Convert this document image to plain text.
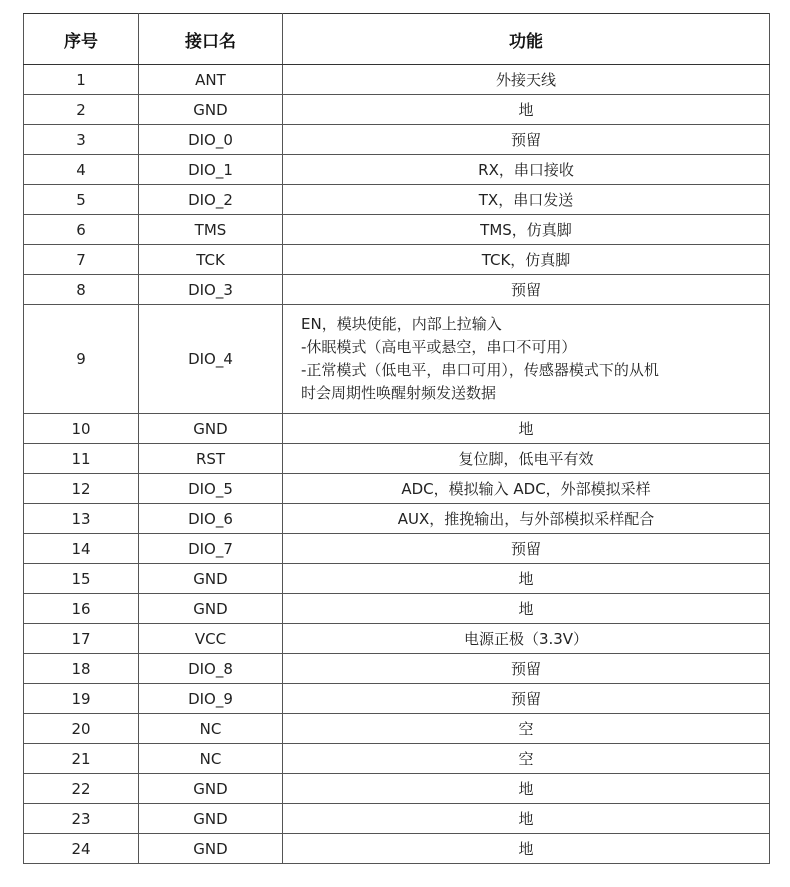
序号	接口名	功能
1	ANT	外接天线
2	GND	地
3	DIO_0	预留
4	DIO_1	RX，串口接收
5	DIO_2	TX，串口发送
6	TMS	TMS，仿真脚
7	TCK	TCK，仿真脚
8	DIO_3	预留
9	DIO_4	EN，模块使能，内部上拉输入
-休眠模式（高电平或悬空，串口不可用）
-正常模式（低电平，串口可用），传感器模式下的从机
时会周期性唤醒射频发送数据

10	GND	地
11	RST	复位脚，低电平有效
12	DIO_5	ADC，模拟输入 ADC，外部模拟采样
13	DIO_6	AUX，推挽输出，与外部模拟采样配合
14	DIO_7	预留
15	GND	地
16	GND	地
17	VCC	电源正极（3.3V）
18	DIO_8	预留
19	DIO_9	预留
20	NC	空
21	NC	空
22	GND	地
23	GND	地
24	GND	地
